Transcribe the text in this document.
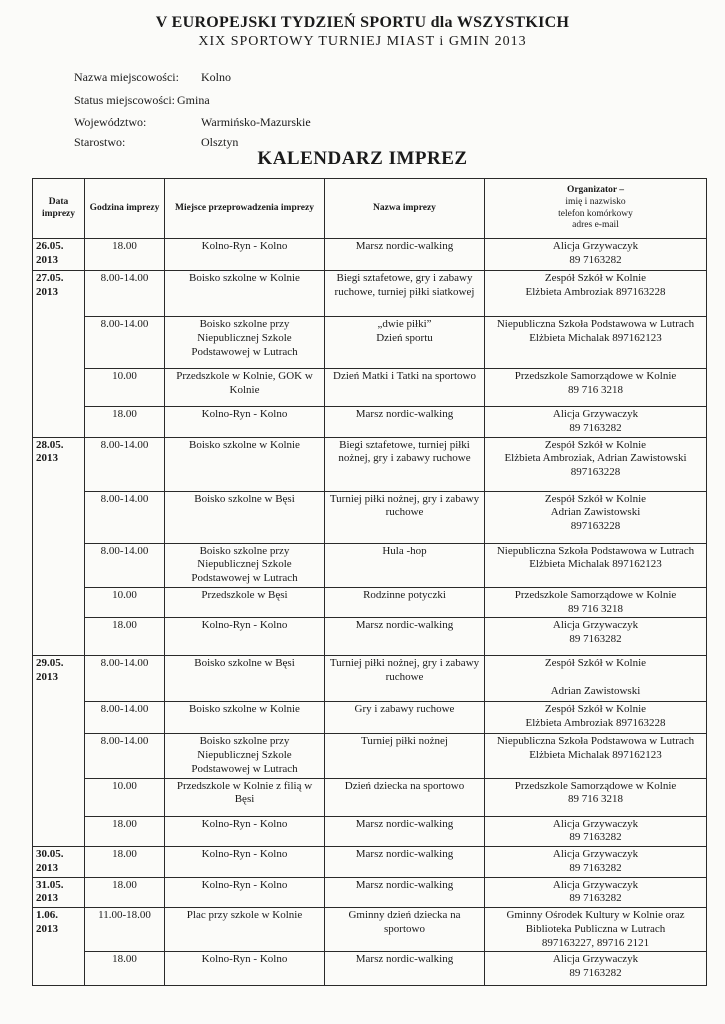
V EUROPEJSKI TYDZIEŃ SPORTU dla WSZYSTKICH
XIX SPORTOWY TURNIEJ MIAST i GMIN 2013
Nazwa miejscowości: Kolno
Status miejscowości: Gmina
Województwo:	Warmińsko-Mazurskie
Starostwo:	Olsztyn
KALENDARZ IMPREZ
Data imprezy	Godzina imprezy	Miejsce przeprowadzenia imprezy	Nazwa imprezy	Organizator –
imię i nazwisko
telefon komórkowy
adres e-mail

26.05. 2013	18.00	Kolno-Ryn - Kolno	Marsz nordic-walking	Alicja Grzywaczyk
89 7163282
27.05. 2013	8.00-14.00	Boisko szkolne w Kolnie	Biegi sztafetowe, gry i zabawy ruchowe, turniej piłki siatkowej	Zespół Szkół w Kolnie
Elżbieta Ambroziak 897163228
	8.00-14.00	Boisko szkolne przy Niepublicznej Szkole Podstawowej w Lutrach	„dwie piłki”
Dzień sportu	Niepubliczna Szkoła Podstawowa w Lutrach
Elżbieta Michalak 897162123
	10.00	Przedszkole w Kolnie, GOK w Kolnie	Dzień Matki i Tatki na sportowo	Przedszkole Samorządowe w Kolnie
89 716 3218
	18.00	Kolno-Ryn - Kolno	Marsz nordic-walking	Alicja Grzywaczyk
89 7163282
28.05. 2013	8.00-14.00	Boisko szkolne w Kolnie	Biegi sztafetowe, turniej piłki nożnej, gry i zabawy ruchowe	Zespół Szkół w Kolnie
Elżbieta Ambroziak, Adrian Zawistowski 897163228
	8.00-14.00	Boisko szkolne w Bęsi	Turniej piłki nożnej, gry i zabawy ruchowe	Zespół Szkół w Kolnie
Adrian Zawistowski
897163228
	8.00-14.00	Boisko szkolne przy Niepublicznej Szkole Podstawowej w Lutrach	Hula -hop	Niepubliczna Szkoła Podstawowa w Lutrach
Elżbieta Michalak 897162123
	10.00	Przedszkole w Bęsi	Rodzinne potyczki	Przedszkole Samorządowe w Kolnie
89 716 3218
	18.00	Kolno-Ryn - Kolno	Marsz nordic-walking	Alicja Grzywaczyk
89 7163282
29.05. 2013	8.00-14.00	Boisko szkolne w Bęsi	Turniej piłki nożnej, gry i zabawy ruchowe	Zespół Szkół w Kolnie

Adrian Zawistowski
	8.00-14.00	Boisko szkolne w Kolnie	Gry i zabawy ruchowe	Zespół Szkół w Kolnie
Elżbieta Ambroziak 897163228
	8.00-14.00	Boisko szkolne przy Niepublicznej Szkole Podstawowej w Lutrach	Turniej piłki nożnej	Niepubliczna Szkoła Podstawowa w Lutrach
Elżbieta Michalak 897162123
	10.00	Przedszkole w Kolnie z filią w Bęsi	Dzień dziecka na sportowo	Przedszkole Samorządowe w Kolnie
89 716 3218
	18.00	Kolno-Ryn - Kolno	Marsz nordic-walking	Alicja Grzywaczyk
89 7163282
30.05. 2013	18.00	Kolno-Ryn - Kolno	Marsz nordic-walking	Alicja Grzywaczyk
89 7163282
31.05. 2013	18.00	Kolno-Ryn - Kolno	Marsz nordic-walking	Alicja Grzywaczyk
89 7163282
1.06. 2013	11.00-18.00	Plac przy szkole w Kolnie	Gminny dzień dziecka na sportowo	Gminny Ośrodek Kultury w Kolnie oraz Biblioteka Publiczna w Lutrach
897163227, 89716 2121
	18.00	Kolno-Ryn - Kolno	Marsz nordic-walking	Alicja Grzywaczyk
89 7163282
